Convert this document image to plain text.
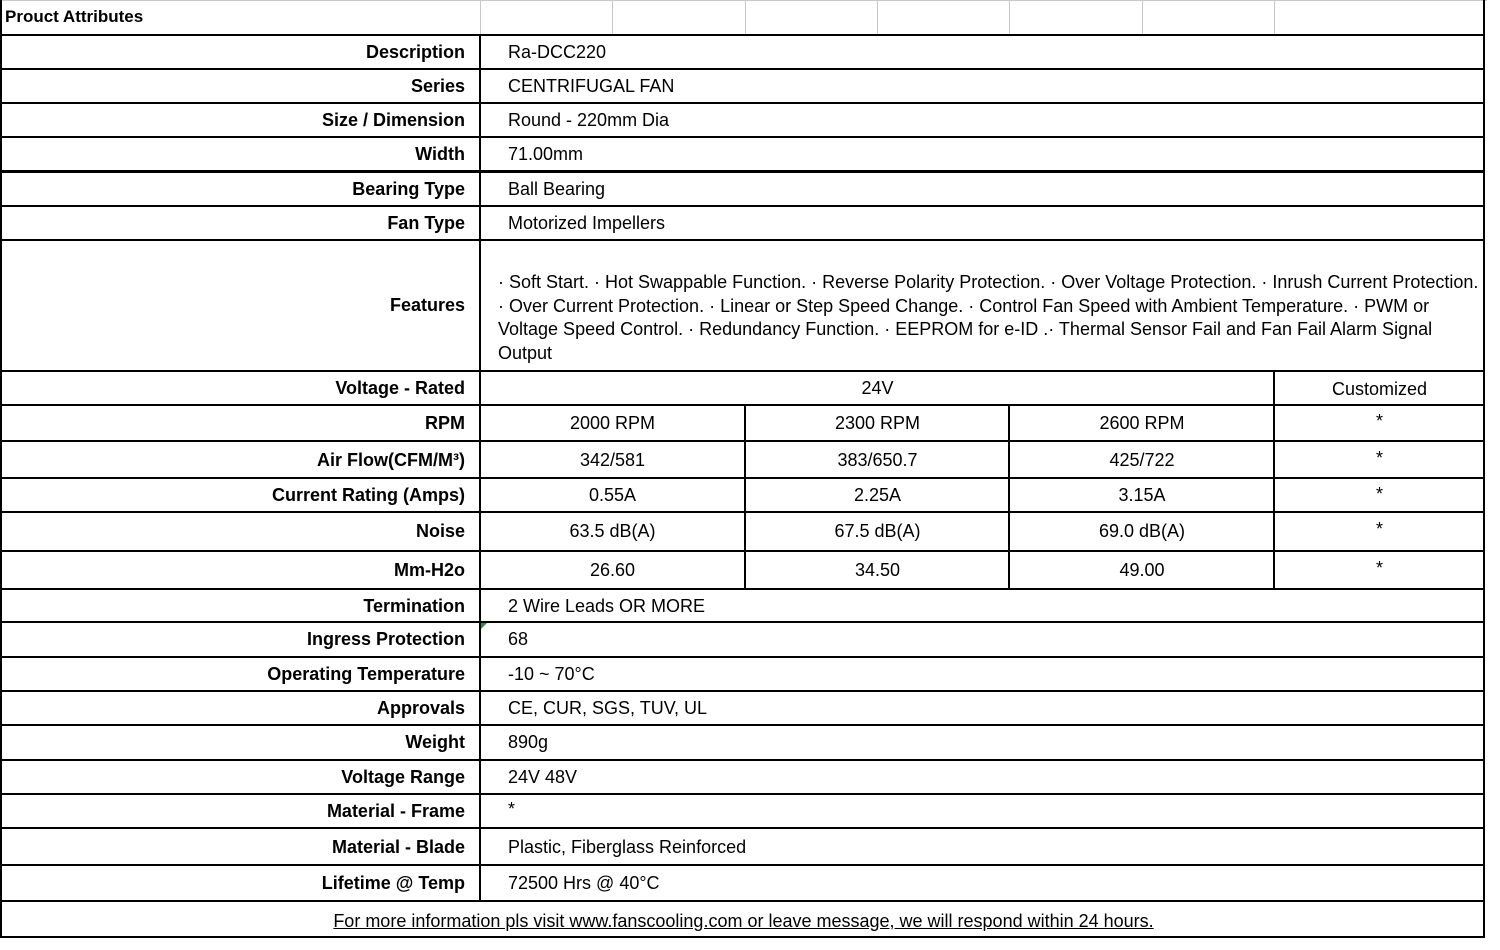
Prouct Attributes
Description Ra-DCC220
Series CENTRIFUGAL FAN
Size / Dimension Round - 220mm Dia
Width 71.00mm
Bearing Type Ball Bearing
Fan Type Motorized Impellers
Features
· Soft Start. · Hot Swappable Function. · Reverse Polarity Protection. · Over Voltage Protection. · Inrush Current Protection. · Over Current Protection. · Linear or Step Speed Change. · Control Fan Speed with Ambient Temperature. · PWM or Voltage Speed Control. · Redundancy Function. · EEPROM for e-ID .· Thermal Sensor Fail and Fan Fail Alarm Signal Output
Voltage - Rated	24V	Customized
RPM	2000 RPM	2300 RPM	2600 RPM	*
Air Flow(CFM/M³)	342/581	383/650.7	425/722	*
Current Rating (Amps)	0.55A	2.25A	3.15A	*
Noise	63.5 dB(A)	67.5 dB(A)	69.0 dB(A)	*
Mm-H2o	26.60	34.50	49.00	*
Termination 2 Wire Leads OR MORE
Ingress Protection 68
Operating Temperature -10 ~ 70°C
Approvals CE, CUR, SGS, TUV, UL
Weight 890g
Voltage Range 24V 48V
Material - Frame *
Material - Blade Plastic, Fiberglass Reinforced
Lifetime @ Temp 72500 Hrs @ 40°C
For more information pls visit www.fanscooling.com or leave message, we will respond within 24 hours.
